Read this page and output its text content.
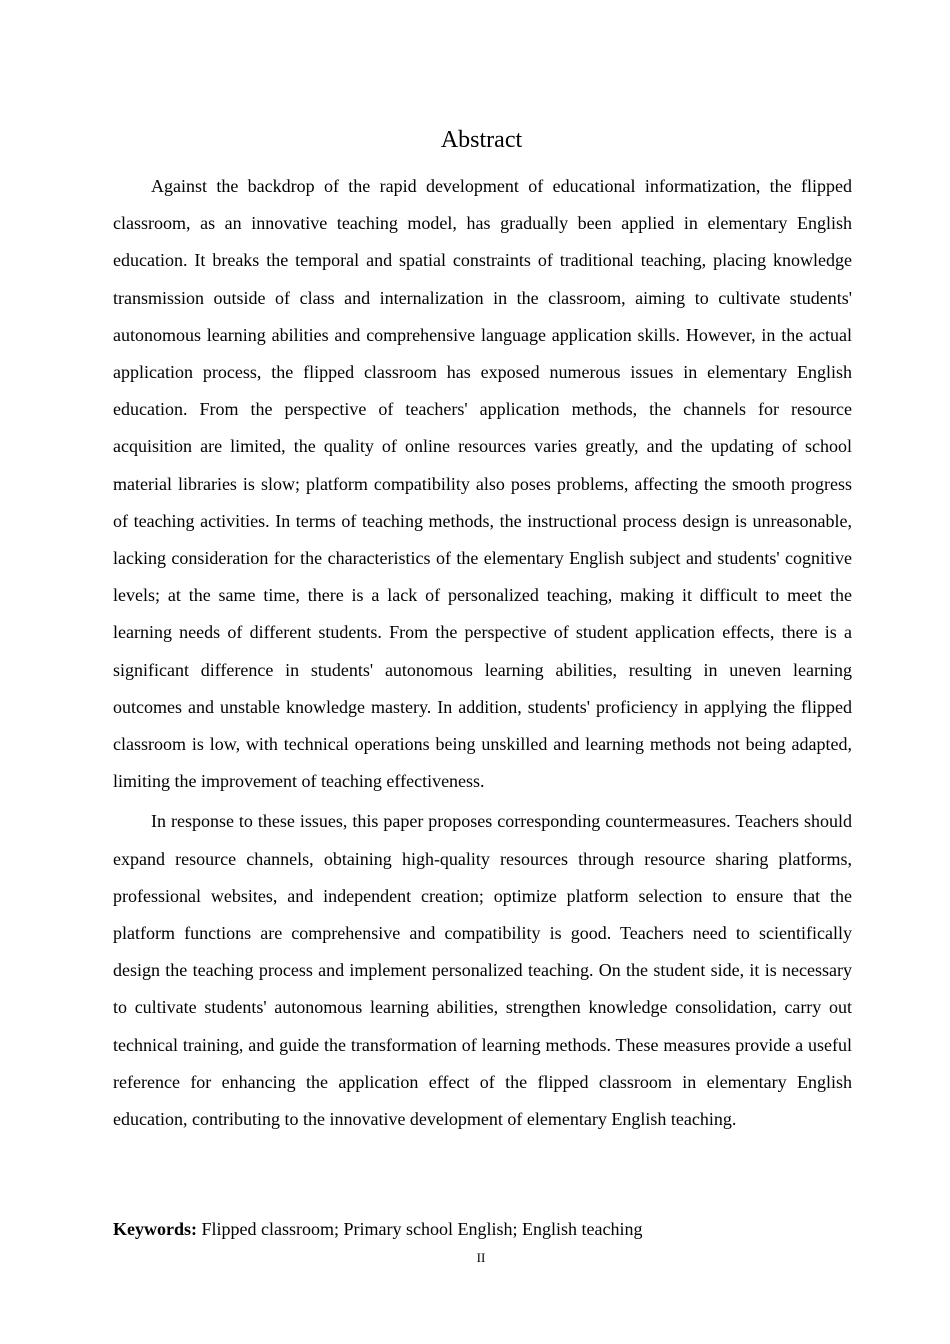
Abstract

Against the backdrop of the rapid development of educational informatization, the flipped classroom, as an innovative teaching model, has gradually been applied in elementary English education. It breaks the temporal and spatial constraints of traditional teaching, placing knowledge transmission outside of class and internalization in the classroom, aiming to cultivate students' autonomous learning abilities and comprehensive language application skills. However, in the actual application process, the flipped classroom has exposed numerous issues in elementary English education. From the perspective of teachers' application methods, the channels for resource acquisition are limited, the quality of online resources varies greatly, and the updating of school material libraries is slow; platform compatibility also poses problems, affecting the smooth progress of teaching activities. In terms of teaching methods, the instructional process design is unreasonable, lacking consideration for the characteristics of the elementary English subject and students' cognitive levels; at the same time, there is a lack of personalized teaching, making it difficult to meet the learning needs of different students. From the perspective of student application effects, there is a significant difference in students' autonomous learning abilities, resulting in uneven learning outcomes and unstable knowledge mastery. In addition, students' proficiency in applying the flipped classroom is low, with technical operations being unskilled and learning methods not being adapted, limiting the improvement of teaching effectiveness.

In response to these issues, this paper proposes corresponding countermeasures. Teachers should expand resource channels, obtaining high-quality resources through resource sharing platforms, professional websites, and independent creation; optimize platform selection to ensure that the platform functions are comprehensive and compatibility is good. Teachers need to scientifically design the teaching process and implement personalized teaching. On the student side, it is necessary to cultivate students' autonomous learning abilities, strengthen knowledge consolidation, carry out technical training, and guide the transformation of learning methods. These measures provide a useful reference for enhancing the application effect of the flipped classroom in elementary English education, contributing to the innovative development of elementary English teaching.

Keywords: Flipped classroom; Primary school English; English teaching

II
